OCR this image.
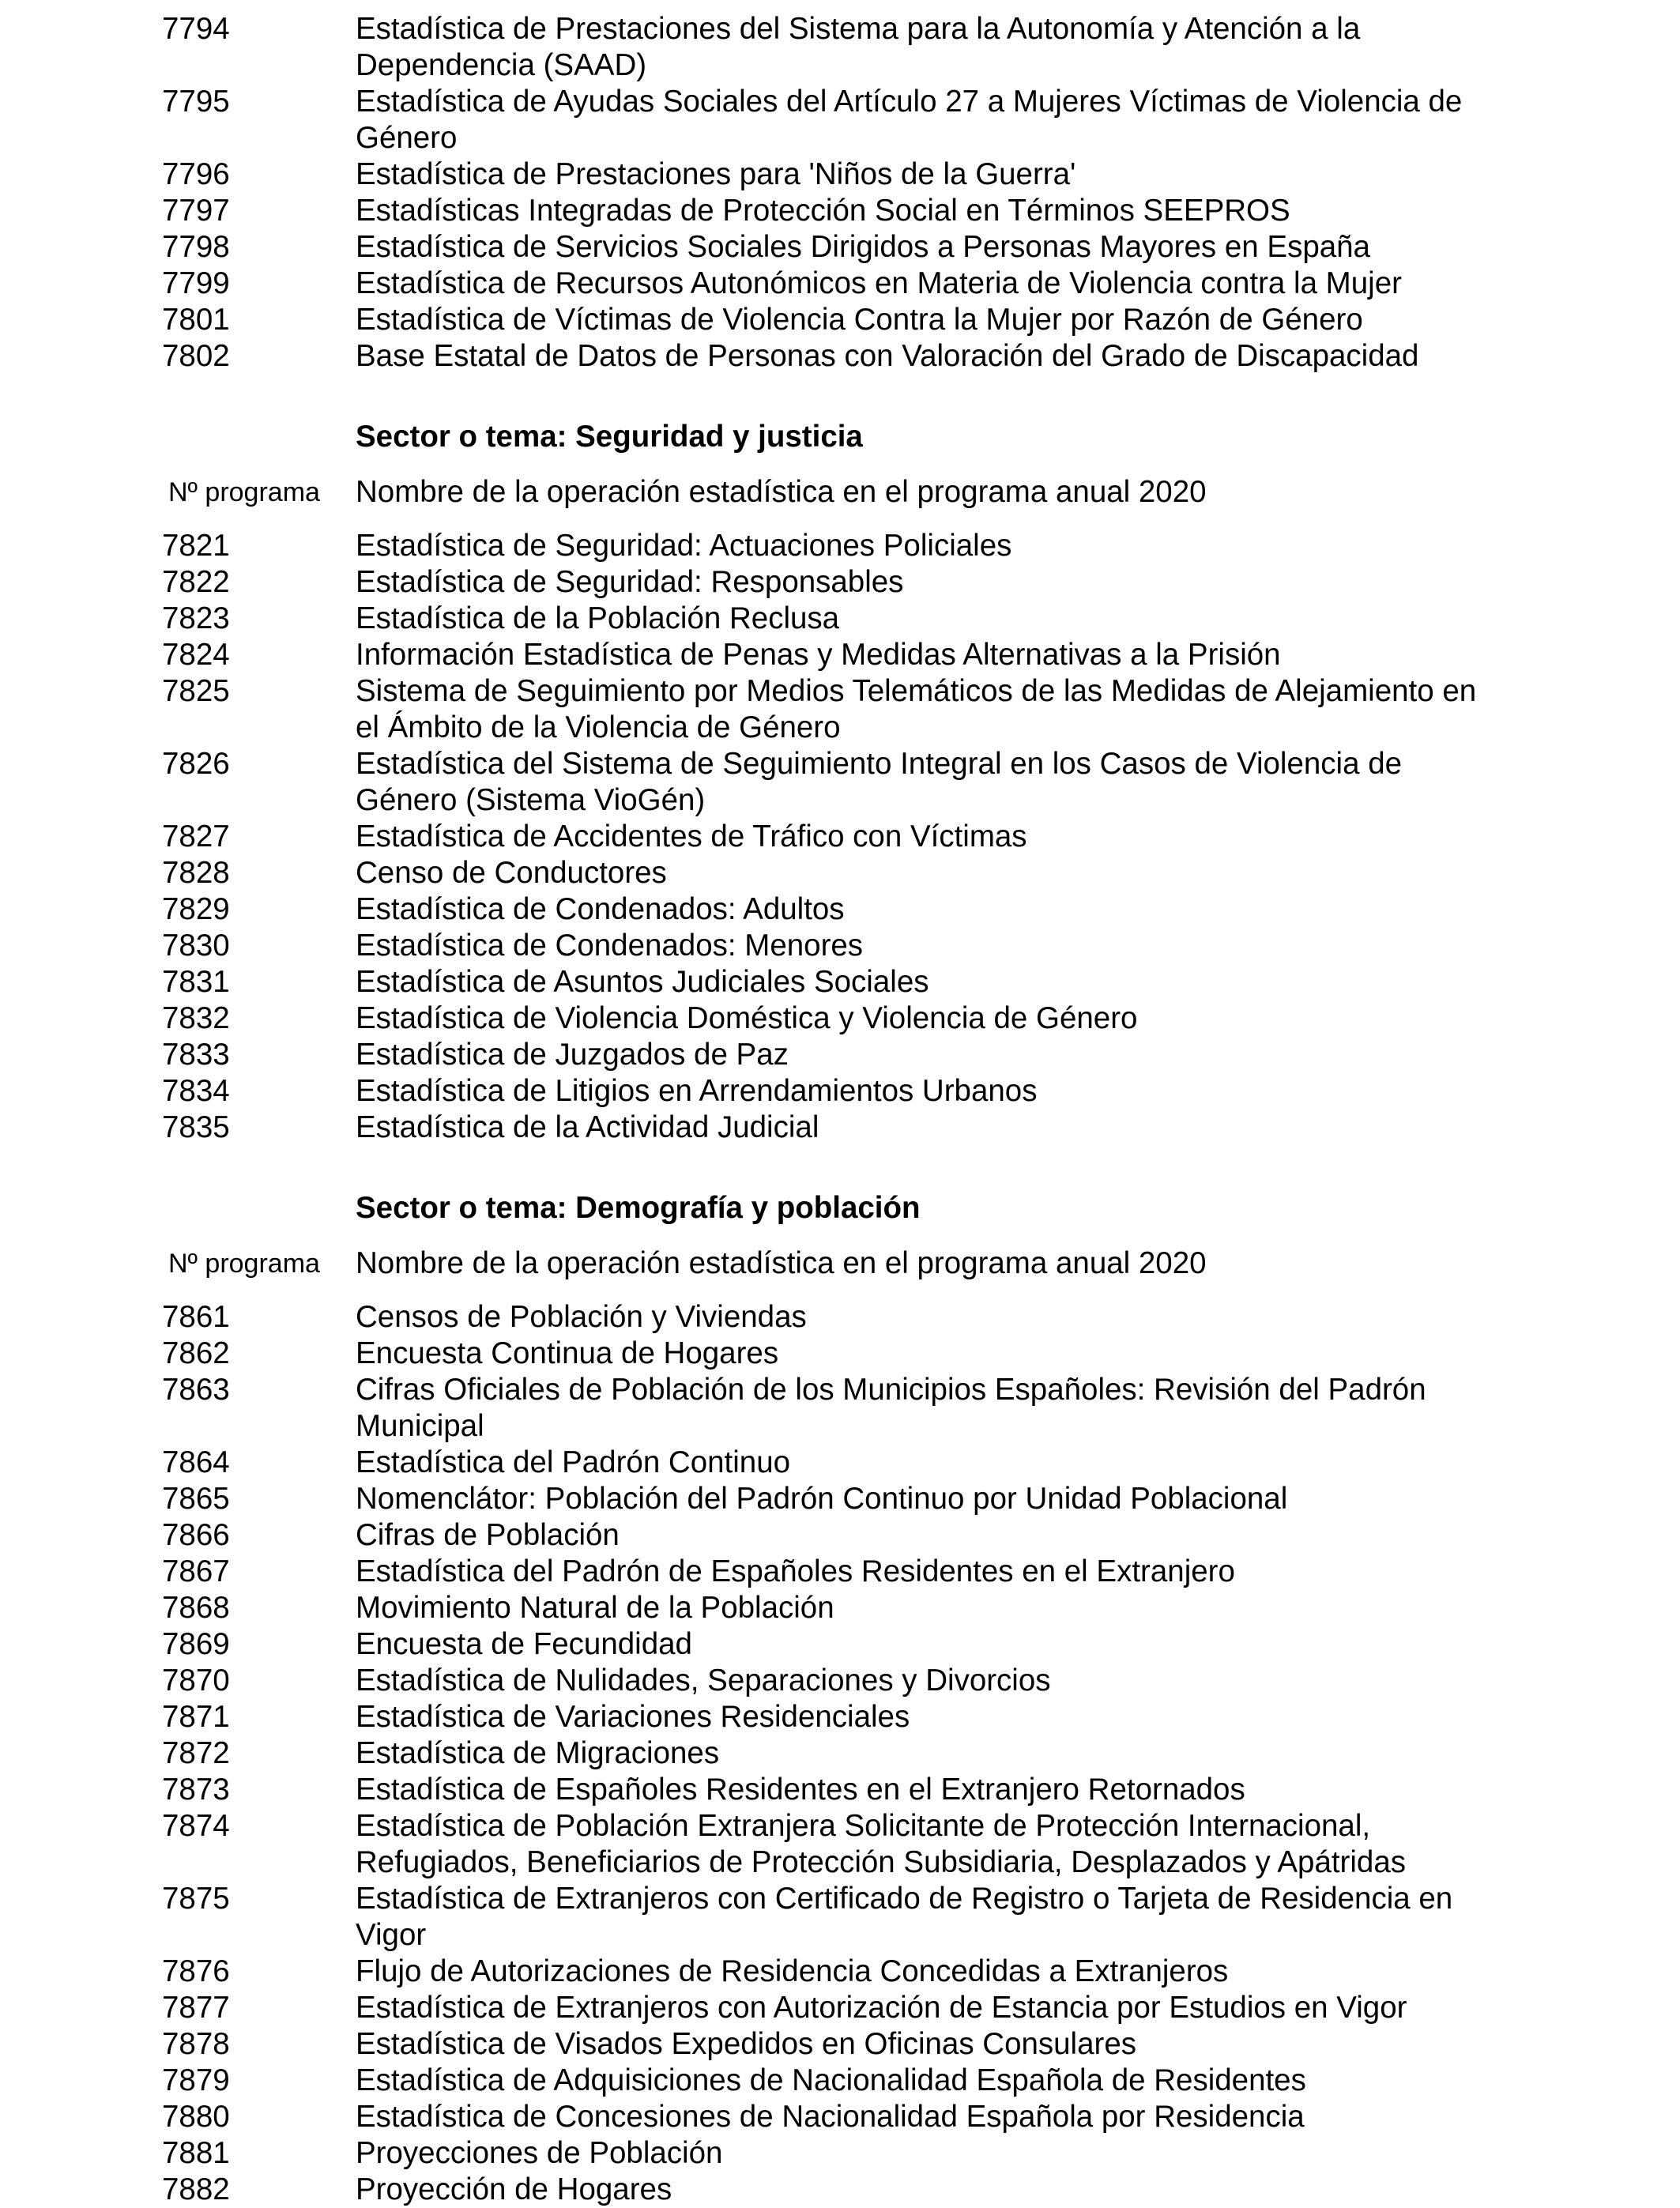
7794	Estadística de Prestaciones del Sistema para la Autonomía y Atención a la Dependencia (SAAD)
7795	Estadística de Ayudas Sociales del Artículo 27 a Mujeres Víctimas de Violencia de Género
7796	Estadística de Prestaciones para 'Niños de la Guerra'
7797	Estadísticas Integradas de Protección Social en Términos SEEPROS
7798	Estadística de Servicios Sociales Dirigidos a Personas Mayores en España
7799	Estadística de Recursos Autonómicos en Materia de Violencia contra la Mujer
7801	Estadística de Víctimas de Violencia Contra la Mujer por Razón de Género
7802	Base Estatal de Datos de Personas con Valoración del Grado de Discapacidad
Sector o tema: Seguridad y justicia
Nº programa	Nombre de la operación estadística en el programa anual 2020
7821	Estadística de Seguridad: Actuaciones Policiales
7822	Estadística de Seguridad: Responsables
7823	Estadística de la Población Reclusa
7824	Información Estadística de Penas y Medidas Alternativas a la Prisión
7825	Sistema de Seguimiento por Medios Telemáticos de las Medidas de Alejamiento en el Ámbito de la Violencia de Género
7826	Estadística del Sistema de Seguimiento Integral en los Casos de Violencia de Género (Sistema VioGén)
7827	Estadística de Accidentes de Tráfico con Víctimas
7828	Censo de Conductores
7829	Estadística de Condenados: Adultos
7830	Estadística de Condenados: Menores
7831	Estadística de Asuntos Judiciales Sociales
7832	Estadística de Violencia Doméstica y Violencia de Género
7833	Estadística de Juzgados de Paz
7834	Estadística de Litigios en Arrendamientos Urbanos
7835	Estadística de la Actividad Judicial
Sector o tema: Demografía y población
Nº programa	Nombre de la operación estadística en el programa anual 2020
7861	Censos de Población y Viviendas
7862	Encuesta Continua de Hogares
7863	Cifras Oficiales de Población de los Municipios Españoles: Revisión del Padrón Municipal
7864	Estadística del Padrón Continuo
7865	Nomenclátor: Población del Padrón Continuo por Unidad Poblacional
7866	Cifras de Población
7867	Estadística del Padrón de Españoles Residentes en el Extranjero
7868	Movimiento Natural de la Población
7869	Encuesta de Fecundidad
7870	Estadística de Nulidades, Separaciones y Divorcios
7871	Estadística de Variaciones Residenciales
7872	Estadística de Migraciones
7873	Estadística de Españoles Residentes en el Extranjero Retornados
7874	Estadística de Población Extranjera Solicitante de Protección Internacional, Refugiados, Beneficiarios de Protección Subsidiaria, Desplazados y Apátridas
7875	Estadística de Extranjeros con Certificado de Registro o Tarjeta de Residencia en Vigor
7876	Flujo de Autorizaciones de Residencia Concedidas a Extranjeros
7877	Estadística de Extranjeros con Autorización de Estancia por Estudios en Vigor
7878	Estadística de Visados Expedidos en Oficinas Consulares
7879	Estadística de Adquisiciones de Nacionalidad Española de Residentes
7880	Estadística de Concesiones de Nacionalidad Española por Residencia
7881	Proyecciones de Población
7882	Proyección de Hogares
